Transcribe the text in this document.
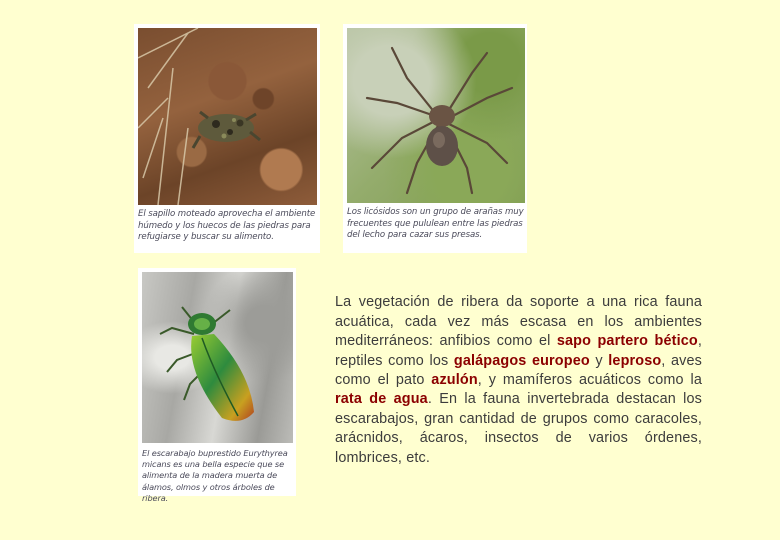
El sapillo moteado aprovecha el ambiente húmedo y los huecos de las piedras para refugiarse y buscar su alimento.
Los licósidos son un grupo de arañas muy frecuentes que pululean entre las piedras del lecho para cazar sus presas.
El escarabajo buprestido Eurythyrea micans es una bella especie que se alimenta de la madera muerta de álamos, olmos y otros árboles de ribera.

La vegetación de ribera da soporte a una rica fauna acuática, cada vez más escasa en los ambientes mediterráneos: anfibios como el sapo partero bético, reptiles como los galápagos europeo y leproso, aves como el pato azulón, y mamíferos acuáticos como la rata de agua. En la fauna invertebrada destacan los escarabajos, gran cantidad de grupos como caracoles, arácnidos, ácaros, insectos de varios órdenes, lombrices, etc.
